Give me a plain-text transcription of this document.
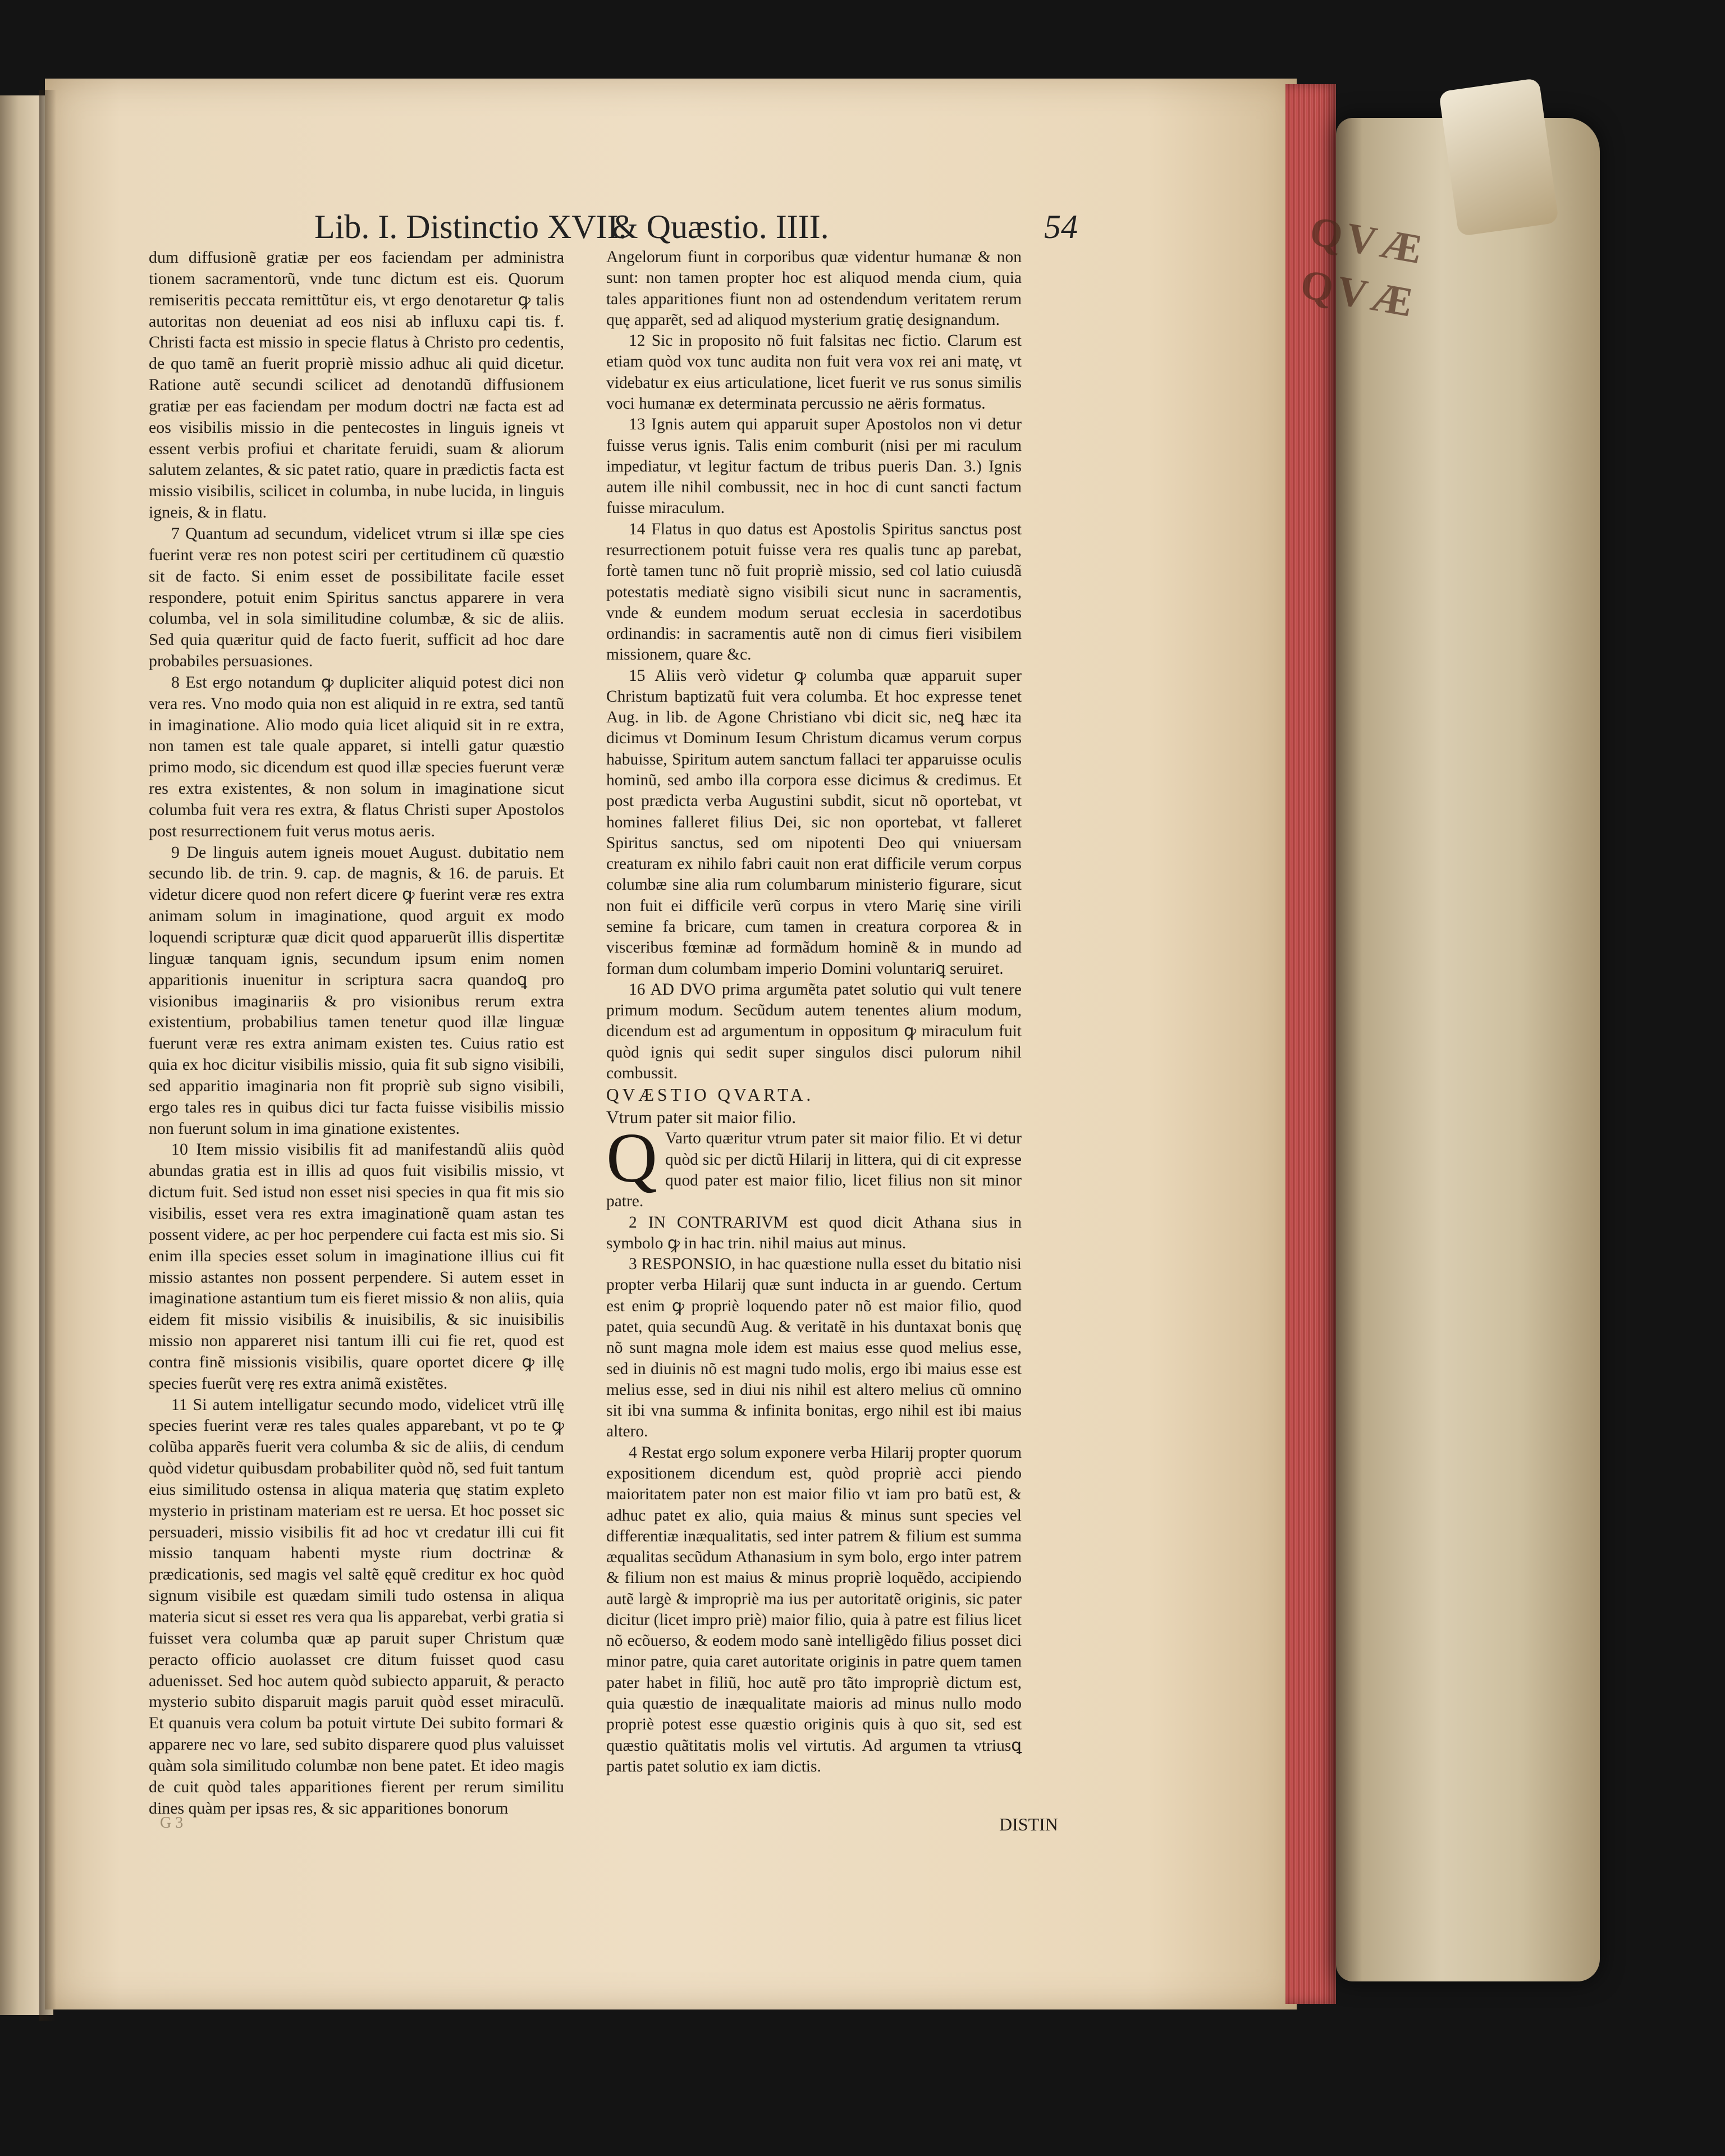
QVÆ QVÆ
Lib. I. Distinctio XVII.
& Quæstio. IIII.	54

dum diffusionẽ gratiæ per eos faciendam per administra tionem sacramentorũ, vnde tunc dictum est eis. Quorum remiseritis peccata remittũtur eis, vt ergo denotaretur ꝙ talis autoritas non deueniat ad eos nisi ab influxu capi tis. f. Christi facta est missio in specie flatus à Christo pro cedentis, de quo tamẽ an fuerit propriè missio adhuc ali quid dicetur. Ratione autẽ secundi scilicet ad denotandũ diffusionem gratiæ per eas faciendam per modum doctri næ facta est ad eos visibilis missio in die pentecostes in linguis igneis vt essent verbis profiui et charitate feruidi, suam & aliorum salutem zelantes, & sic patet ratio, quare in prædictis facta est missio visibilis, scilicet in columba, in nube lucida, in linguis igneis, & in flatu.

7 Quantum ad secundum, videlicet vtrum si illæ spe cies fuerint veræ res non potest sciri per certitudinem cũ quæstio sit de facto. Si enim esset de possibilitate facile esset respondere, potuit enim Spiritus sanctus apparere in vera columba, vel in sola similitudine columbæ, & sic de aliis. Sed quia quæritur quid de facto fuerit, sufficit ad hoc dare probabiles persuasiones.

8 Est ergo notandum ꝙ dupliciter aliquid potest dici non vera res. Vno modo quia non est aliquid in re extra, sed tantũ in imaginatione. Alio modo quia licet aliquid sit in re extra, non tamen est tale quale apparet, si intelli gatur quæstio primo modo, sic dicendum est quod illæ species fuerunt veræ res extra existentes, & non solum in imaginatione sicut columba fuit vera res extra, & flatus Christi super Apostolos post resurrectionem fuit verus motus aeris.

9 De linguis autem igneis mouet August. dubitatio nem secundo lib. de trin. 9. cap. de magnis, & 16. de paruis. Et videtur dicere quod non refert dicere ꝙ fuerint veræ res extra animam solum in imaginatione, quod arguit ex modo loquendi scripturæ quæ dicit quod apparuerũt illis dispertitæ linguæ tanquam ignis, secundum ipsum enim nomen apparitionis inuenitur in scriptura sacra quandoꝗ pro visionibus imaginariis & pro visionibus rerum extra existentium, probabilius tamen tenetur quod illæ linguæ fuerunt veræ res extra animam existen tes. Cuius ratio est quia ex hoc dicitur visibilis missio, quia fit sub signo visibili, sed apparitio imaginaria non fit propriè sub signo visibili, ergo tales res in quibus dici tur facta fuisse visibilis missio non fuerunt solum in ima ginatione existentes.

10 Item missio visibilis fit ad manifestandũ aliis quòd abundas gratia est in illis ad quos fuit visibilis missio, vt dictum fuit. Sed istud non esset nisi species in qua fit mis sio visibilis, esset vera res extra imaginationẽ quam astan tes possent videre, ac per hoc perpendere cui facta est mis sio. Si enim illa species esset solum in imaginatione illius cui fit missio astantes non possent perpendere. Si autem esset in imaginatione astantium tum eis fieret missio & non aliis, quia eidem fit missio visibilis & inuisibilis, & sic inuisibilis missio non appareret nisi tantum illi cui fie ret, quod est contra finẽ missionis visibilis, quare oportet dicere ꝙ illę species fuerũt verę res extra animã existẽtes.

11 Si autem intelligatur secundo modo, videlicet vtrũ illę species fuerint veræ res tales quales apparebant, vt po te ꝙ colũba apparẽs fuerit vera columba & sic de aliis, di cendum quòd videtur quibusdam probabiliter quòd nõ, sed fuit tantum eius similitudo ostensa in aliqua materia quę statim expleto mysterio in pristinam materiam est re uersa. Et hoc posset sic persuaderi, missio visibilis fit ad hoc vt credatur illi cui fit missio tanquam habenti myste rium doctrinæ & prædicationis, sed magis vel saltẽ ęquẽ creditur ex hoc quòd signum visibile est quædam simili tudo ostensa in aliqua materia sicut si esset res vera qua lis apparebat, verbi gratia si fuisset vera columba quæ ap paruit super Christum quæ peracto officio auolasset cre ditum fuisset quod casu aduenisset. Sed hoc autem quòd subiecto apparuit, & peracto mysterio subito disparuit magis paruit quòd esset miraculũ. Et quanuis vera colum ba potuit virtute Dei subito formari & apparere nec vo lare, sed subito disparere quod plus valuisset quàm sola similitudo columbæ non bene patet. Et ideo magis de cuit quòd tales apparitiones fierent per rerum similitu dines quàm per ipsas res, & sic apparitiones bonorum

Angelorum fiunt in corporibus quæ videntur humanæ & non sunt: non tamen propter hoc est aliquod menda cium, quia tales apparitiones fiunt non ad ostendendum veritatem rerum quę apparẽt, sed ad aliquod mysterium gratię designandum.

12 Sic in proposito nõ fuit falsitas nec fictio. Clarum est etiam quòd vox tunc audita non fuit vera vox rei ani matę, vt videbatur ex eius articulatione, licet fuerit ve rus sonus similis voci humanæ ex determinata percussio ne aëris formatus.

13 Ignis autem qui apparuit super Apostolos non vi detur fuisse verus ignis. Talis enim comburit (nisi per mi raculum impediatur, vt legitur factum de tribus pueris Dan. 3.) Ignis autem ille nihil combussit, nec in hoc di cunt sancti factum fuisse miraculum.

14 Flatus in quo datus est Apostolis Spiritus sanctus post resurrectionem potuit fuisse vera res qualis tunc ap parebat, fortè tamen tunc nõ fuit propriè missio, sed col latio cuiusdã potestatis mediatè signo visibili sicut nunc in sacramentis, vnde & eundem modum seruat ecclesia in sacerdotibus ordinandis: in sacramentis autẽ non di cimus fieri visibilem missionem, quare &c.

15 Aliis verò videtur ꝙ columba quæ apparuit super Christum baptizatũ fuit vera columba. Et hoc expresse tenet Aug. in lib. de Agone Christiano vbi dicit sic, neꝗ hæc ita dicimus vt Dominum Iesum Christum dicamus verum corpus habuisse, Spiritum autem sanctum fallaci ter apparuisse oculis hominũ, sed ambo illa corpora esse dicimus & credimus. Et post prædicta verba Augustini subdit, sicut nõ oportebat, vt homines falleret filius Dei, sic non oportebat, vt falleret Spiritus sanctus, sed om nipotenti Deo qui vniuersam creaturam ex nihilo fabri cauit non erat difficile verum corpus columbæ sine alia rum columbarum ministerio figurare, sicut non fuit ei difficile verũ corpus in vtero Marię sine virili semine fa bricare, cum tamen in creatura corporea & in visceribus fœminæ ad formãdum hominẽ & in mundo ad forman dum columbam imperio Domini voluntariꝗ seruiret.

16 AD DVO prima argumẽta patet solutio qui vult tenere primum modum. Secũdum autem tenentes alium modum, dicendum est ad argumentum in oppositum ꝙ miraculum fuit quòd ignis qui sedit super singulos disci pulorum nihil combussit.

QVÆSTIO QVARTA.

Vtrum pater sit maior filio.

Q Varto quæritur vtrum pater sit maior filio. Et vi detur quòd sic per dictũ Hilarij in littera, qui di cit expresse quod pater est maior filio, licet filius non sit minor patre.

2 IN CONTRARIVM est quod dicit Athana sius in symbolo ꝙ in hac trin. nihil maius aut minus.

3 RESPONSIO, in hac quæstione nulla esset du bitatio nisi propter verba Hilarij quæ sunt inducta in ar guendo. Certum est enim ꝙ propriè loquendo pater nõ est maior filio, quod patet, quia secundũ Aug. & veritatẽ in his duntaxat bonis quę nõ sunt magna mole idem est maius esse quod melius esse, sed in diuinis nõ est magni tudo molis, ergo ibi maius esse est melius esse, sed in diui nis nihil est altero melius cũ omnino sit ibi vna summa & infinita bonitas, ergo nihil est ibi maius altero.

4 Restat ergo solum exponere verba Hilarij propter quorum expositionem dicendum est, quòd propriè acci piendo maioritatem pater non est maior filio vt iam pro batũ est, & adhuc patet ex alio, quia maius & minus sunt species vel differentiæ inæqualitatis, sed inter patrem & filium est summa æqualitas secũdum Athanasium in sym bolo, ergo inter patrem & filium non est maius & minus propriè loquẽdo, accipiendo autẽ largè & impropriè ma ius per autoritatẽ originis, sic pater dicitur (licet impro priè) maior filio, quia à patre est filius licet nõ ecõuerso, & eodem modo sanè intelligẽdo filius posset dici minor patre, quia caret autoritate originis in patre quem tamen pater habet in filiũ, hoc autẽ pro tãto impropriè dictum est, quia quæstio de inæqualitate maioris ad minus nullo modo propriè potest esse quæstio originis quis à quo sit, sed est quæstio quãtitatis molis vel virtutis. Ad argumen ta vtriusꝗ partis patet solutio ex iam dictis.

G 3	DISTIN
